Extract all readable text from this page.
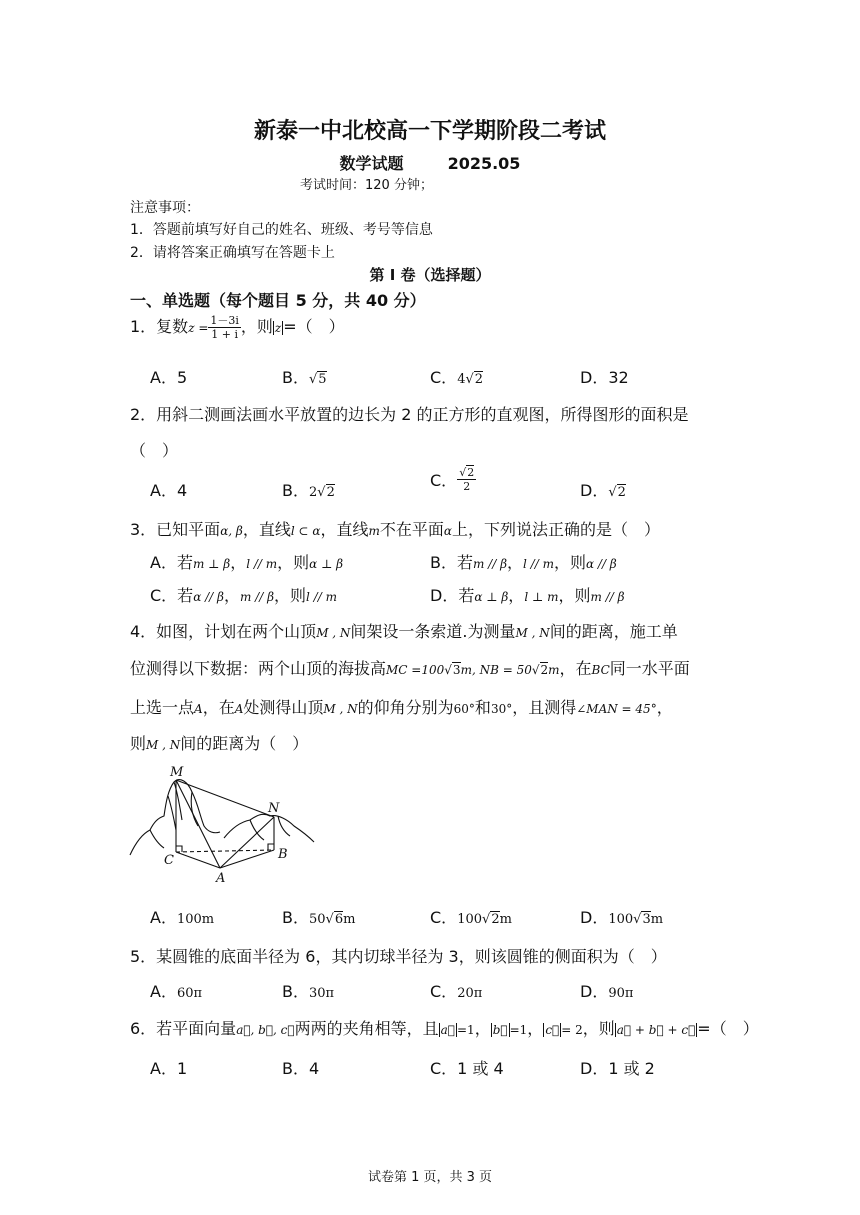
新泰一中北校高一下学期阶段二考试
数学试题	2025.05
考试时间：120 分钟；
注意事项：
1．答题前填写好自己的姓名、班级、考号等信息
2．请将答案正确填写在答题卡上
第 I 卷（选择题）
一、单选题（每个题目 5 分，共 40 分）
1．复数$z = \frac{1-3i}{1 + i}$ ，则 z =（　）
A．5	B．√5	C．4√2	D．32
2．用斜二测画法画水平放置的边长为 2 的正方形的直观图，所得图形的面积是
（　）
A．4	B．2√2
C． $\frac{√2}{2}$	D．√2
3．已知平面α, β，直线l ⊂ α，直线m不在平面α上，下列说法正确的是（　）
A．若m ⊥ β，l // m，则α ⊥ β	B．若m // β，l // m，则α // β
C．若α // β，m // β，则l // m	D．若α ⊥ β，l ⊥ m，则m // β
4．如图，计划在两个山顶M , N间架设一条索道.为测量M , N间的距离，施工单
位测得以下数据：两个山顶的海拔高MC =100√3m, NB = 50√2m，在BC同一水平面
上选一点A，在A处测得山顶M , N的仰角分别为60°和30°，且测得∠MAN = 45°，
则M , N间的距离为（　）
M
N
C	B
A
A．100m	B．50√6m	C．100√2m	D．100√3m
5．某圆锥的底面半径为 6，其内切球半径为 3，则该圆锥的侧面积为（　）
A．60π	B．30π	C．20π	D．90π
6．若平面向量a⃗, b⃗, c⃗两两的夹角相等，且 a⃗ =1， b⃗ =1， c⃗ = 2，则 a⃗ + b⃗ + c⃗ =（　）
A．1	B．4	C．1 或 4	D．1 或 2
试卷第 1 页，共 3 页
